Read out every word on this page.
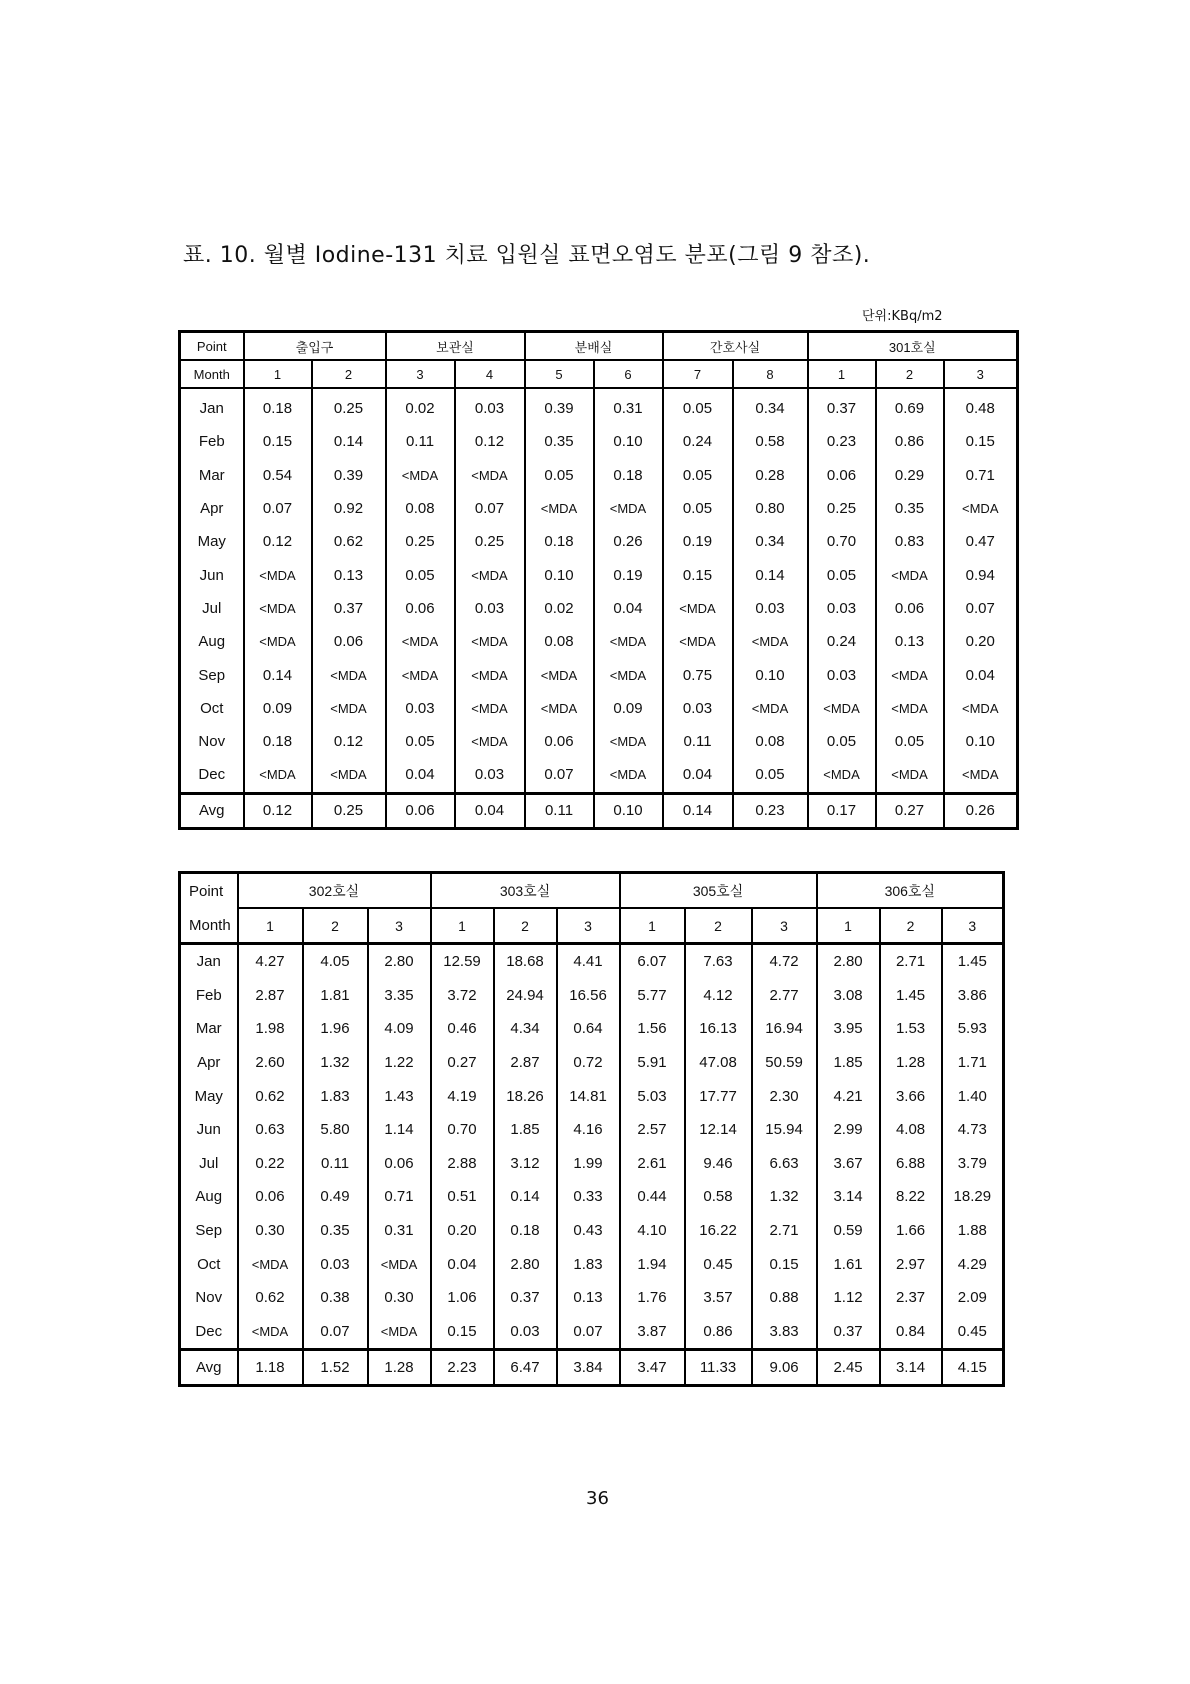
표. 10. 월별 Iodine-131 치료 입원실 표면오염도 분포(그림 9 참조).
단위:KBq/m2
Point	출입구		보관실		분배실		간호사실		301호실		
Month	1	2	3	4	5	6	7	8	1	2	3
Jan	0.18	0.25	0.02	0.03	0.39	0.31	0.05	0.34	0.37	0.69	0.48
Feb	0.15	0.14	0.11	0.12	0.35	0.10	0.24	0.58	0.23	0.86	0.15
Mar	0.54	0.39	<MDA	<MDA	0.05	0.18	0.05	0.28	0.06	0.29	0.71
Apr	0.07	0.92	0.08	0.07	<MDA	<MDA	0.05	0.80	0.25	0.35	<MDA
May	0.12	0.62	0.25	0.25	0.18	0.26	0.19	0.34	0.70	0.83	0.47
Jun	<MDA	0.13	0.05	<MDA	0.10	0.19	0.15	0.14	0.05	<MDA	0.94
Jul	<MDA	0.37	0.06	0.03	0.02	0.04	<MDA	0.03	0.03	0.06	0.07
Aug	<MDA	0.06	<MDA	<MDA	0.08	<MDA	<MDA	<MDA	0.24	0.13	0.20
Sep	0.14	<MDA	<MDA	<MDA	<MDA	<MDA	0.75	0.10	0.03	<MDA	0.04
Oct	0.09	<MDA	0.03	<MDA	<MDA	0.09	0.03	<MDA	<MDA	<MDA	<MDA
Nov	0.18	0.12	0.05	<MDA	0.06	<MDA	0.11	0.08	0.05	0.05	0.10
Dec	<MDA	<MDA	0.04	0.03	0.07	<MDA	0.04	0.05	<MDA	<MDA	<MDA
Avg	0.12	0.25	0.06	0.04	0.11	0.10	0.14	0.23	0.17	0.27	0.26
Point	302호실			303호실			305호실			306호실		
Month	1	2	3	1	2	3	1	2	3	1	2	3
Jan	4.27	4.05	2.80	12.59	18.68	4.41	6.07	7.63	4.72	2.80	2.71	1.45
Feb	2.87	1.81	3.35	3.72	24.94	16.56	5.77	4.12	2.77	3.08	1.45	3.86
Mar	1.98	1.96	4.09	0.46	4.34	0.64	1.56	16.13	16.94	3.95	1.53	5.93
Apr	2.60	1.32	1.22	0.27	2.87	0.72	5.91	47.08	50.59	1.85	1.28	1.71
May	0.62	1.83	1.43	4.19	18.26	14.81	5.03	17.77	2.30	4.21	3.66	1.40
Jun	0.63	5.80	1.14	0.70	1.85	4.16	2.57	12.14	15.94	2.99	4.08	4.73
Jul	0.22	0.11	0.06	2.88	3.12	1.99	2.61	9.46	6.63	3.67	6.88	3.79
Aug	0.06	0.49	0.71	0.51	0.14	0.33	0.44	0.58	1.32	3.14	8.22	18.29
Sep	0.30	0.35	0.31	0.20	0.18	0.43	4.10	16.22	2.71	0.59	1.66	1.88
Oct	<MDA	0.03	<MDA	0.04	2.80	1.83	1.94	0.45	0.15	1.61	2.97	4.29
Nov	0.62	0.38	0.30	1.06	0.37	0.13	1.76	3.57	0.88	1.12	2.37	2.09
Dec	<MDA	0.07	<MDA	0.15	0.03	0.07	3.87	0.86	3.83	0.37	0.84	0.45
Avg	1.18	1.52	1.28	2.23	6.47	3.84	3.47	11.33	9.06	2.45	3.14	4.15
36
